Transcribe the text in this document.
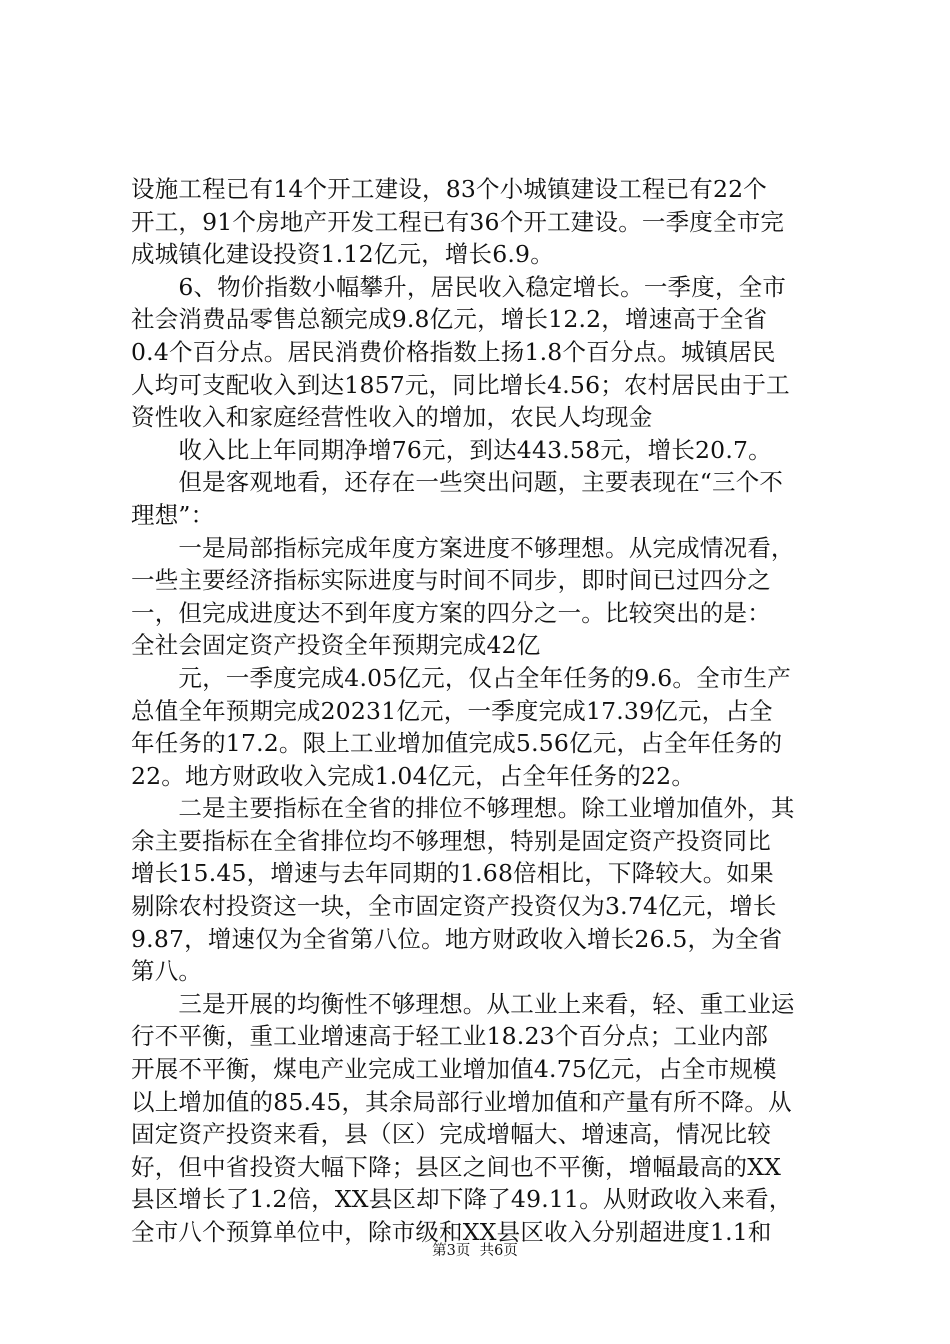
设施工程已有14个开工建设，83个小城镇建设工程已有22个
开工，91个房地产开发工程已有36个开工建设。一季度全市完
成城镇化建设投资1.12亿元，增长6.9。
　　6、物价指数小幅攀升，居民收入稳定增长。一季度，全市
社会消费品零售总额完成9.8亿元，增长12.2，增速高于全省
0.4个百分点。居民消费价格指数上扬1.8个百分点。城镇居民
人均可支配收入到达1857元，同比增长4.56；农村居民由于工
资性收入和家庭经营性收入的增加，农民人均现金
　　收入比上年同期净增76元，到达443.58元，增长20.7。
　　但是客观地看，还存在一些突出问题，主要表现在“三个不
理想”：
　　一是局部指标完成年度方案进度不够理想。从完成情况看，
一些主要经济指标实际进度与时间不同步，即时间已过四分之
一，但完成进度达不到年度方案的四分之一。比较突出的是：
全社会固定资产投资全年预期完成42亿
　　元，一季度完成4.05亿元，仅占全年任务的9.6。全市生产
总值全年预期完成20231亿元，一季度完成17.39亿元，占全
年任务的17.2。限上工业增加值完成5.56亿元，占全年任务的
22。地方财政收入完成1.04亿元，占全年任务的22。
　　二是主要指标在全省的排位不够理想。除工业增加值外，其
余主要指标在全省排位均不够理想，特别是固定资产投资同比
增长15.45，增速与去年同期的1.68倍相比，下降较大。如果
剔除农村投资这一块，全市固定资产投资仅为3.74亿元，增长
9.87，增速仅为全省第八位。地方财政收入增长26.5，为全省
第八。
　　三是开展的均衡性不够理想。从工业上来看，轻、重工业运
行不平衡，重工业增速高于轻工业18.23个百分点；工业内部
开展不平衡，煤电产业完成工业增加值4.75亿元，占全市规模
以上增加值的85.45，其余局部行业增加值和产量有所不降。从
固定资产投资来看，县（区）完成增幅大、增速高，情况比较
好，但中省投资大幅下降；县区之间也不平衡，增幅最高的XX
县区增长了1.2倍，XX县区却下降了49.11。从财政收入来看，
全市八个预算单位中，除市级和XX县区收入分别超进度1.1和
第3页  共6页
